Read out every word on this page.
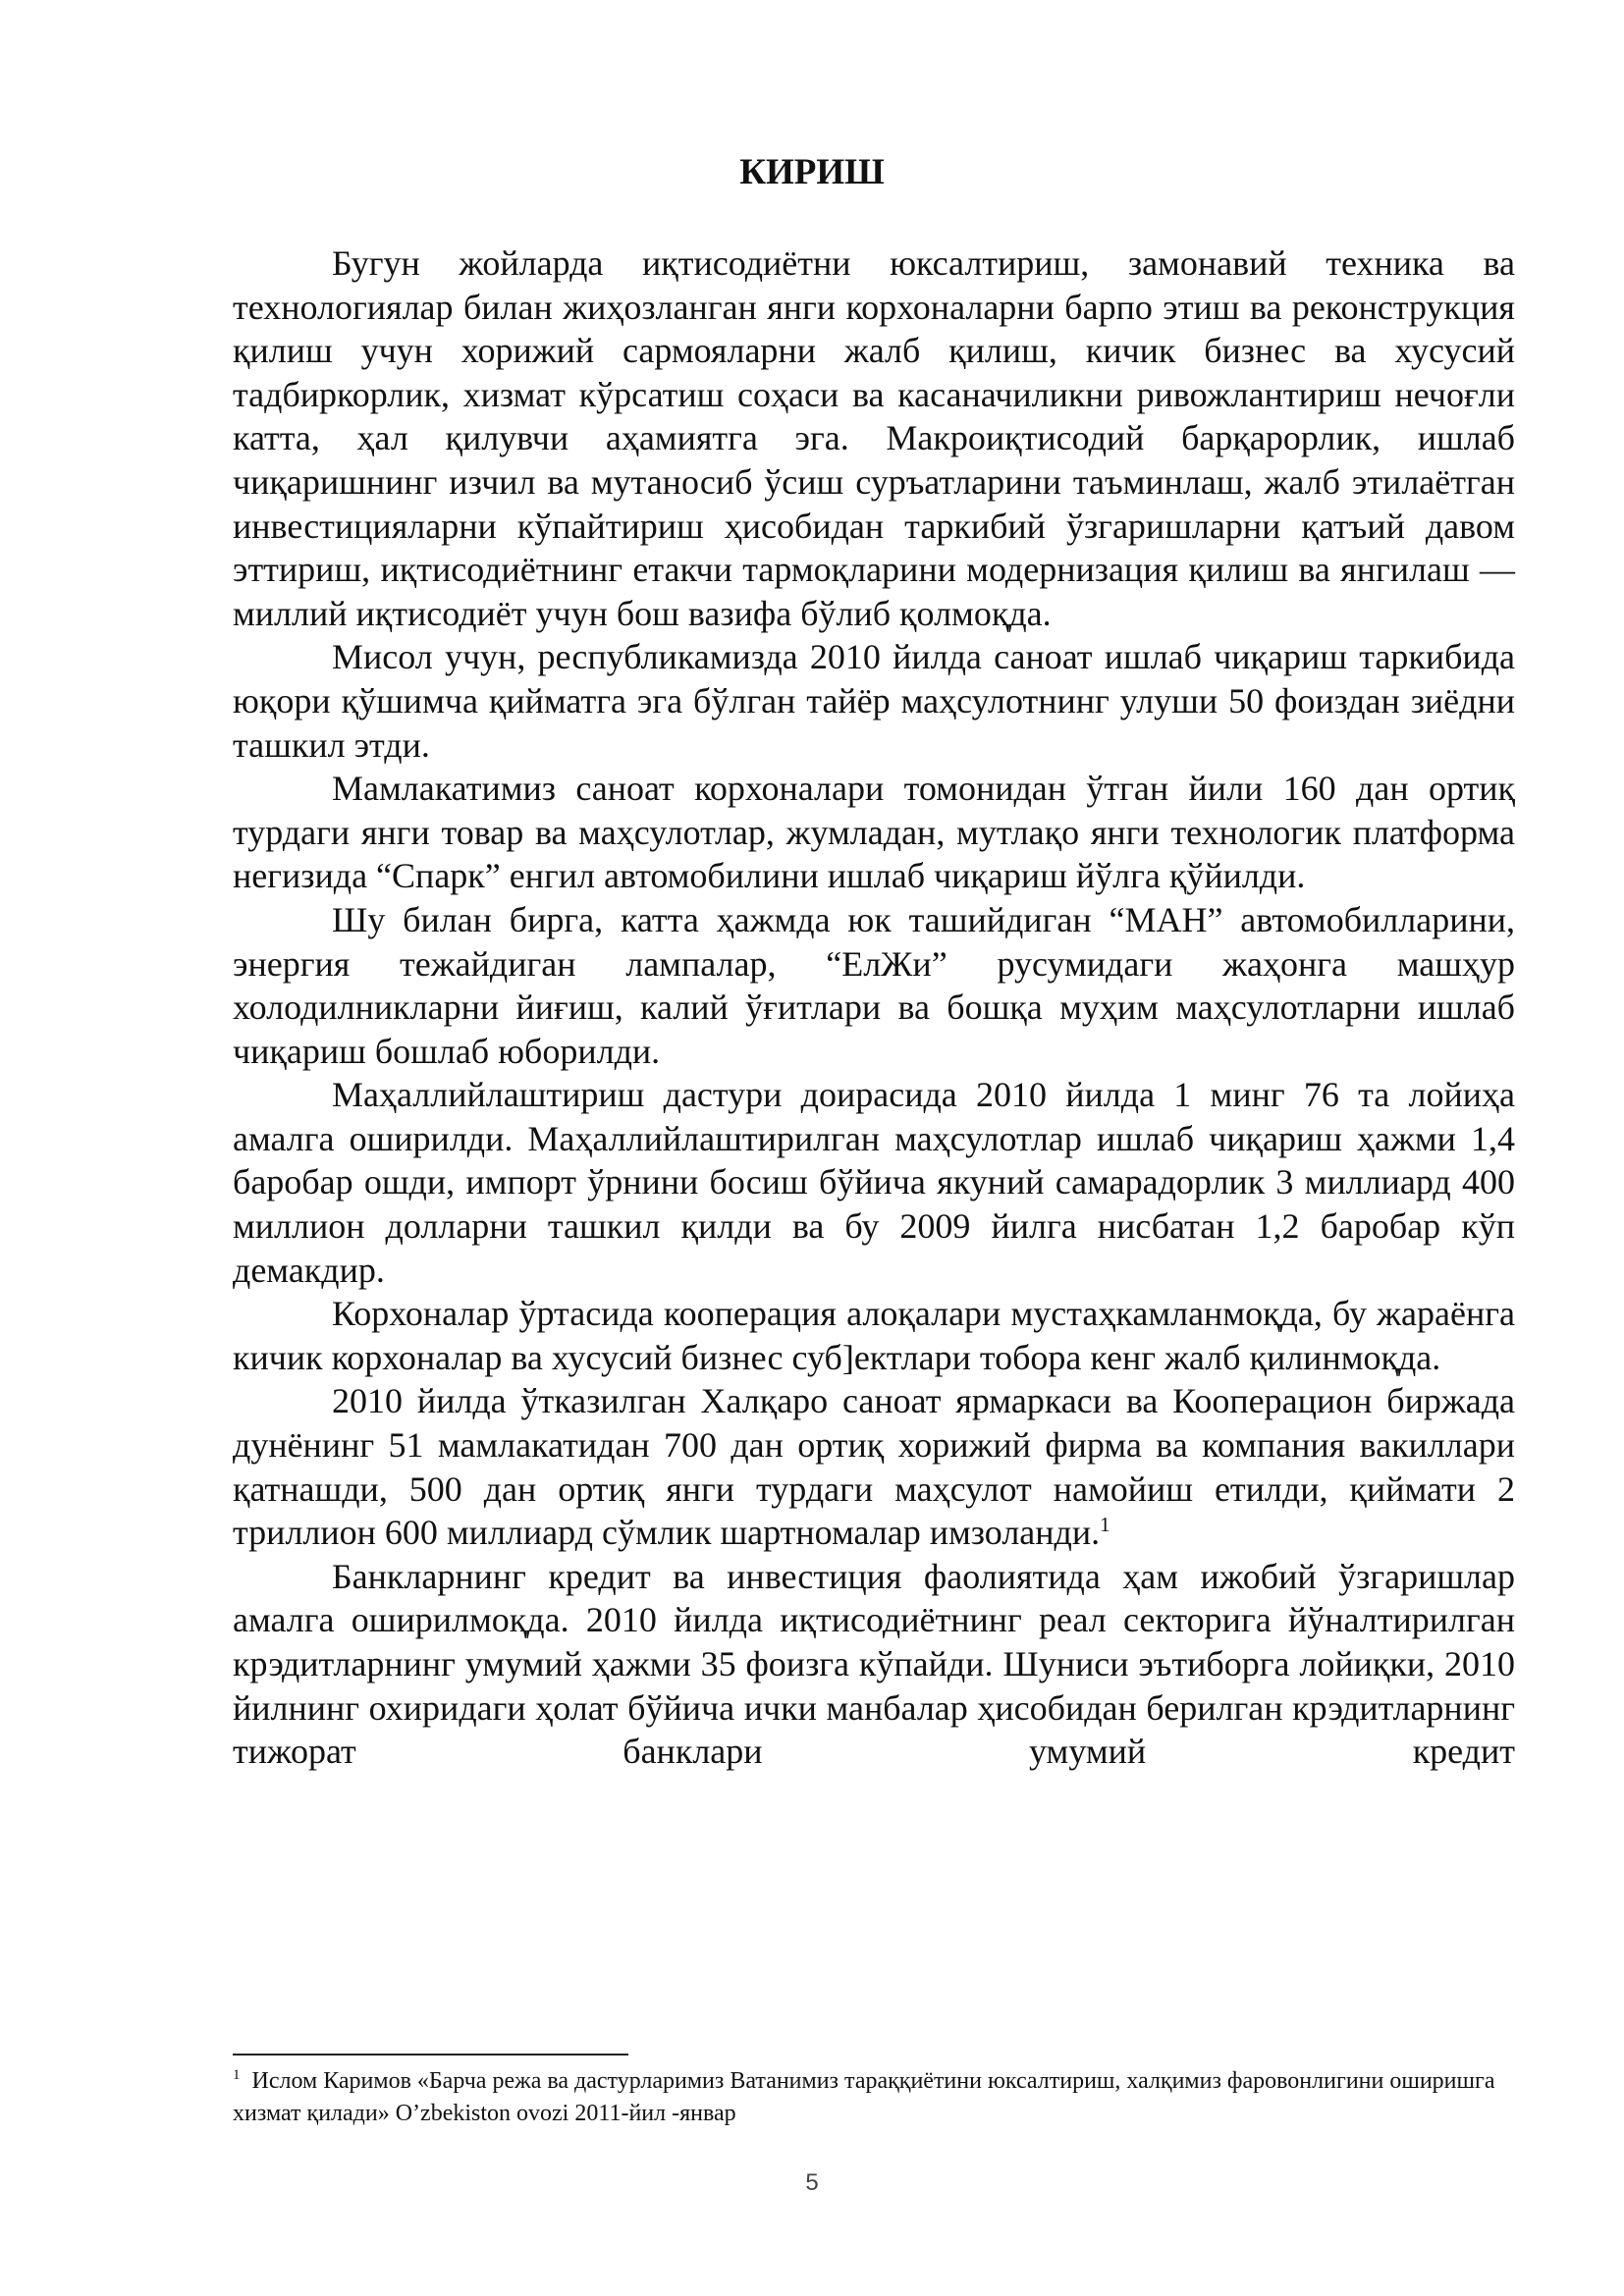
КИРИШ

Бугун жойларда иқтисодиётни юксалтириш, замонавий техника ва технологиялар билан жиҳозланган янги корхоналарни барпо этиш ва реконструкция қилиш учун хорижий сармояларни жалб қилиш, кичик бизнес ва хусусий тадбиркорлик, хизмат кўрсатиш соҳаси ва касаначиликни ривожлантириш нечоғли катта, ҳал қилувчи аҳамиятга эга. Макроиқтисодий барқарорлик, ишлаб чиқаришнинг изчил ва мутаносиб ўсиш суръатларини таъминлаш, жалб этилаётган инвестицияларни кўпайтириш ҳисобидан таркибий ўзгаришларни қатъий давом эттириш, иқтисодиётнинг етакчи тармоқларини модернизация қилиш ва янгилаш — миллий иқтисодиёт учун бош вазифа бўлиб қолмоқда.

Мисол учун, республикамизда 2010 йилда саноат ишлаб чиқариш таркибида юқори қўшимча қийматга эга бўлган тайёр маҳсулотнинг улуши 50 фоиздан зиёдни ташкил этди.

Мамлакатимиз саноат корхоналари томонидан ўтган йили 160 дан ортиқ турдаги янги товар ва маҳсулотлар, жумладан, мутлақо янги технологик платформа негизида “Спарк” енгил автомобилини ишлаб чиқариш йўлга қўйилди.

Шу билан бирга, катта ҳажмда юк ташийдиган “МАН” автомобилларини, энергия тежайдиган лампалар, “ЕлЖи” русумидаги жаҳонга машҳур холодилникларни йиғиш, калий ўғитлари ва бошқа муҳим маҳсулотларни ишлаб чиқариш бошлаб юборилди.

Маҳаллийлаштириш дастури доирасида 2010 йилда 1 минг 76 та лойиҳа амалга оширилди. Маҳаллийлаштирилган маҳсулотлар ишлаб чиқариш ҳажми 1,4 баробар ошди, импорт ўрнини босиш бўйича якуний самарадорлик 3 миллиард 400 миллион долларни ташкил қилди ва бу 2009 йилга нисбатан 1,2 баробар кўп демакдир.

Корхоналар ўртасида кооперация алоқалари мустаҳкамланмоқда, бу жараёнга кичик корхоналар ва хусусий бизнес суб]ектлари тобора кенг жалб қилинмоқда.

2010 йилда ўтказилган Халқаро саноат ярмаркаси ва Кооперацион биржада дунёнинг 51 мамлакатидан 700 дан ортиқ хорижий фирма ва компания вакиллари қатнашди, 500 дан ортиқ янги турдаги маҳсулот намойиш етилди, қиймати 2 триллион 600 миллиард сўмлик шартномалар имзоланди.$^1$

Банкларнинг кредит ва инвестиция фаолиятида ҳам ижобий ўзгаришлар амалга оширилмоқда. 2010 йилда иқтисодиётнинг реал секторига йўналтирилган крэдитларнинг умумий ҳажми 35 фоизга кўпайди. Шуниси эътиборга лойиқки, 2010 йилнинг охиридаги ҳолат бўйича ички манбалар ҳисобидан берилган крэдитларнинг тижорат банклари умумий кредит

$^1$ Ислом Каримов «Барча режа ва дастурларимиз Ватанимиз тараққиётини юксалтириш, халқимиз фаровонлигини оширишга хизмат қилади» O’zbekiston ovozi 2011-йил -январ

5
